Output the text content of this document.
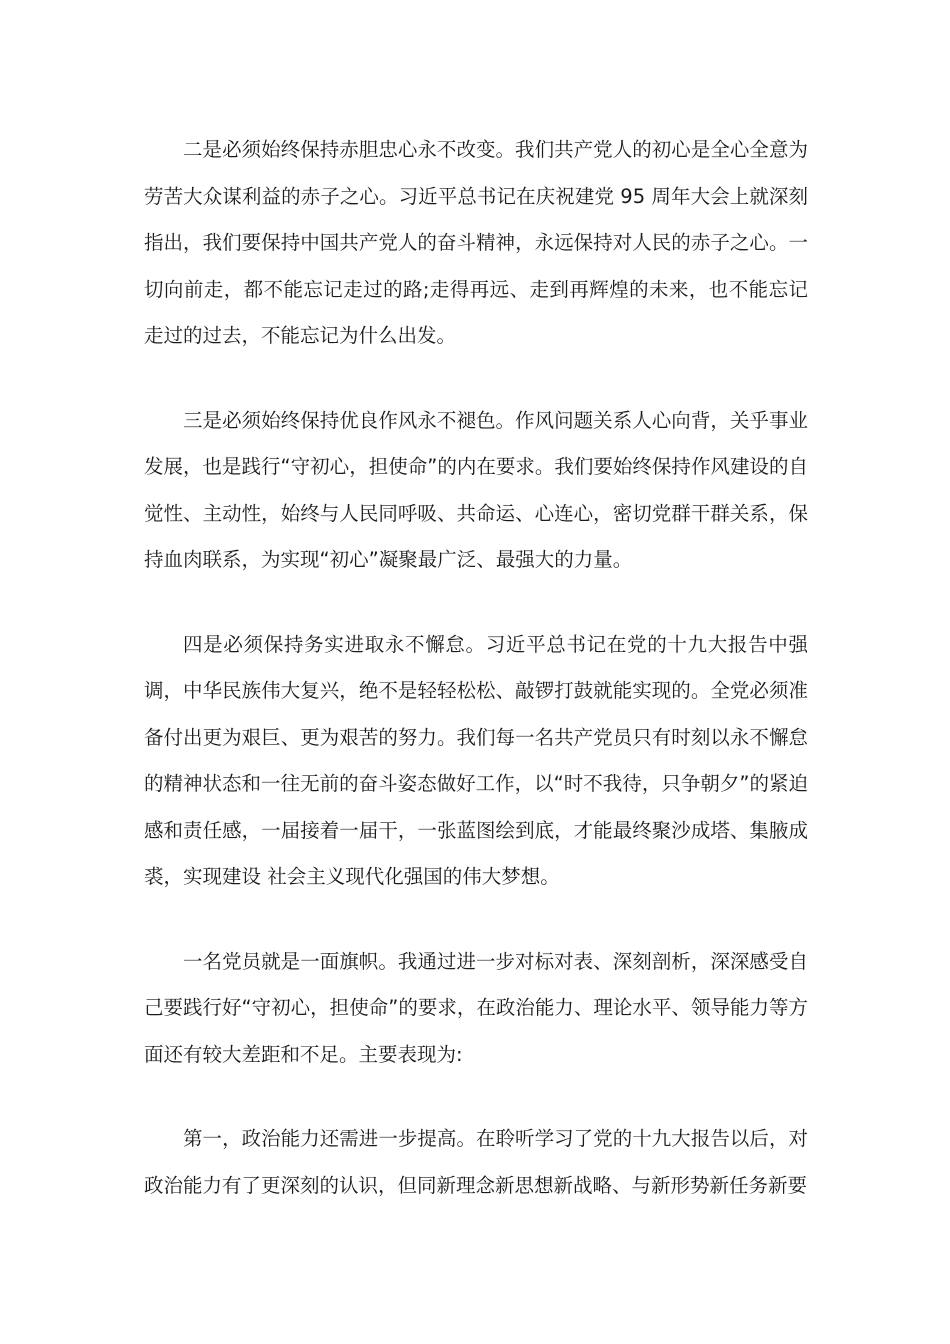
二是必须始终保持赤胆忠心永不改变。我们共产党人的初心是全心全意为劳苦大众谋利益的赤子之心。习近平总书记在庆祝建党 95 周年大会上就深刻指出，我们要保持中国共产党人的奋斗精神，永远保持对人民的赤子之心。一切向前走，都不能忘记走过的路;走得再远、走到再辉煌的未来，也不能忘记走过的过去，不能忘记为什么出发。

三是必须始终保持优良作风永不褪色。作风问题关系人心向背，关乎事业发展，也是践行“守初心，担使命”的内在要求。我们要始终保持作风建设的自觉性、主动性，始终与人民同呼吸、共命运、心连心，密切党群干群关系，保持血肉联系，为实现“初心”凝聚最广泛、最强大的力量。

四是必须保持务实进取永不懈怠。习近平总书记在党的十九大报告中强调，中华民族伟大复兴，绝不是轻轻松松、敲锣打鼓就能实现的。全党必须准备付出更为艰巨、更为艰苦的努力。我们每一名共产党员只有时刻以永不懈怠的精神状态和一往无前的奋斗姿态做好工作，以“时不我待，只争朝夕”的紧迫感和责任感，一届接着一届干，一张蓝图绘到底，才能最终聚沙成塔、集腋成裘，实现建设 社会主义现代化强国的伟大梦想。

一名党员就是一面旗帜。我通过进一步对标对表、深刻剖析，深深感受自己要践行好“守初心，担使命”的要求，在政治能力、理论水平、领导能力等方面还有较大差距和不足。主要表现为:

第一，政治能力还需进一步提高。在聆听学习了党的十九大报告以后，对政治能力有了更深刻的认识，但同新理念新思想新战略、与新形势新任务新要
